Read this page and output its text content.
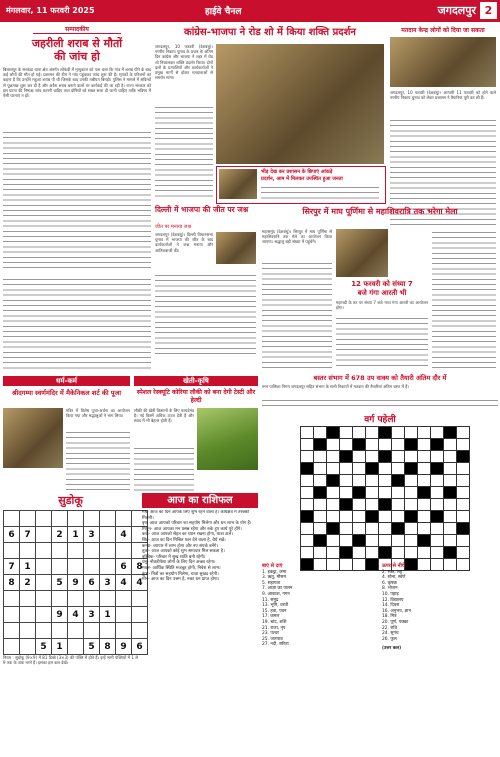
मंगलवार, 11 फरवरी 2025	हाईवे चैनल	जगदलपुर 2
सम्पादकीय
जहरीली शराब से मौतों
की जांच हो
बिलासपुर के सरकंडा थाना क्षेत्र अंतर्गत लोफंदी में मृत्युकाल को पता चला कि गांव में शराब पीने के बाद कई लोगों की मौत हो गई। प्रशासन की टीम ने गांव पहुंचकर जांच शुरू की है। मृतकों के परिजनों का कहना है कि उन्होंने महुआ शराब पी थी जिसके बाद उनकी तबीयत बिगड़ी। पुलिस ने मामले में संदिग्धों से पूछताछ शुरू कर दी है और अवैध शराब बनाने वालों पर कार्रवाई की जा रही है। राज्य सरकार को इस घटना की निष्पक्ष जांच करानी चाहिए तथा दोषियों को सख्त सजा दी जानी चाहिए ताकि भविष्य में ऐसी घटनाएं न हों।
कांग्रेस-भाजपा ने रोड शो में किया शक्ति प्रदर्शन
जगदलपुर, 10 फरवरी (देशबंधु)। नगरीय निकाय चुनाव के प्रचार के अंतिम दिन कांग्रेस और भाजपा ने शहर में रोड शो निकालकर शक्ति प्रदर्शन किया। दोनों दलों के प्रत्याशियों और कार्यकर्ताओं ने प्रमुख मार्गों से होकर मतदाताओं से समर्थन मांगा।
भीड़ देख कर प्रशासन के छिपाएं आंकड़े
प्रदर्शन, आम में मिलकर उपस्थित हुआ जनता
मतदान केन्द्र लोगों को दिया जा सकता
जगदलपुर, 10 फरवरी (देशबंधु)। आगामी 11 फरवरी को होने वाले नगरीय निकाय चुनाव को लेकर प्रशासन ने तैयारियां पूरी कर ली हैं।
दिल्ली में भाजपा की जीत पर जश्न
जीत पर मनाया जश्न
जगदलपुर (देशबंधु)। दिल्ली विधानसभा चुनाव में भाजपा की जीत के बाद कार्यकर्ताओं ने जश्न मनाया और आतिशबाजी की।
सिरपुर में माघ पूर्णिमा से महाशिवरात्रि तक भरेगा मेला
महासमुंद (देशबंधु)। सिरपुर में माघ पूर्णिमा से महाशिवरात्रि तक मेले का आयोजन किया जाएगा। श्रद्धालु बड़ी संख्या में पहुंचेंगे।
12 फरवरी को संध्या 7
बजे गंगा आरती भी
महानदी के तट पर संध्या 7 बजे भव्य गंगा आरती का आयोजन होगा।
बस्तर संभाग में 678 उप वाक्य को तैयारी अंतिम दौर में
नगर पालिका निगम जगदलपुर सहित संभाग के सभी निकायों में मतदान की तैयारियां अंतिम चरण में हैं।
धर्म-कर्म
श्रीदगम्मा स्वर्णमंदिर में मैकेनिकल शर्ट की पूजा
मंदिर में विशेष पूजा-अर्चना का आयोजन किया गया और श्रद्धालुओं ने भाग लिया।
खेती-कृषि
स्पेशल रेस्क्यूटि कोरिया लौकी को बना देगी टेस्टी और हेल्दी
लौकी की खेती किसानों के लिए फायदेमंद है। नई किस्में अधिक उपज देती हैं और स्वाद में भी बेहतर होती हैं।
सुडोकू

6	7		2	1	3		4	

7	1						6	8
8	2		5	9	6	3	4	4

			9	4	3	1		

		5	1		5	8	9	6
नियम : सुडोकू (9×9) में 81 डिब्बे (3×3) की पंक्ति में होते हैं। इन्हें सभी पंक्तियों में 1 से 9 तक के अंक भरने हैं। इसका हल कल देखें।
आज का राशिफल
मेष- आज का दिन आपके लिए शुभ रहने वाला है। कार्यक्षेत्र में तरक्की मिलेगी।
वृष- आज आपको परिवार का सहयोग मिलेगा और धन लाभ के योग हैं।
मिथुन- आज आपका मन प्रसन्न रहेगा और रुके हुए कार्य पूरे होंगे।
कर्क- आज आपको सेहत का ध्यान रखना होगा, यात्रा टालें।
सिंह- आज का दिन मिश्रित फल देने वाला है, धैर्य रखें।
कन्या- व्यापार में लाभ होगा और नए संपर्क बनेंगे।
तुला- आज आपको कोई शुभ समाचार मिल सकता है।
वृश्चिक- परिवार में सुख शांति बनी रहेगी।
धनु- नौकरीपेशा लोगों के लिए दिन अच्छा रहेगा।
मकर- आर्थिक स्थिति मजबूत होगी, निवेश से लाभ।
कुंभ- मित्रों का सहयोग मिलेगा, यात्रा सुखद रहेगी।
मीन- आज का दिन उत्तम है, रुका धन प्राप्त होगा।
वर्ग पहेली

बाएं से दाएं
1. इकट्ठा, जमा
3. ऋतु, मौसम
5. सहायता
7. आज्ञा का पालन
9. आकाश, गगन
11. समुद्र
13. भूमि, धरती
15. हवा, पवन
17. कमल
19. चांद, शशि
21. राजा, नृप
23. पत्थर
25. जलपात्र
27. नदी, सरिता
ऊपर से नीचे
2. रक्त, लहू
4. सोना, स्वर्ण
6. कृषक
8. भोजन
10. पहाड़
12. विद्यालय
14. दिवस
16. अनुभव, ज्ञान
18. मित्र
20. पूर्ण, पक्का
22. रात्रि
24. सुगंध
26. फूल
(उत्तर कल)
